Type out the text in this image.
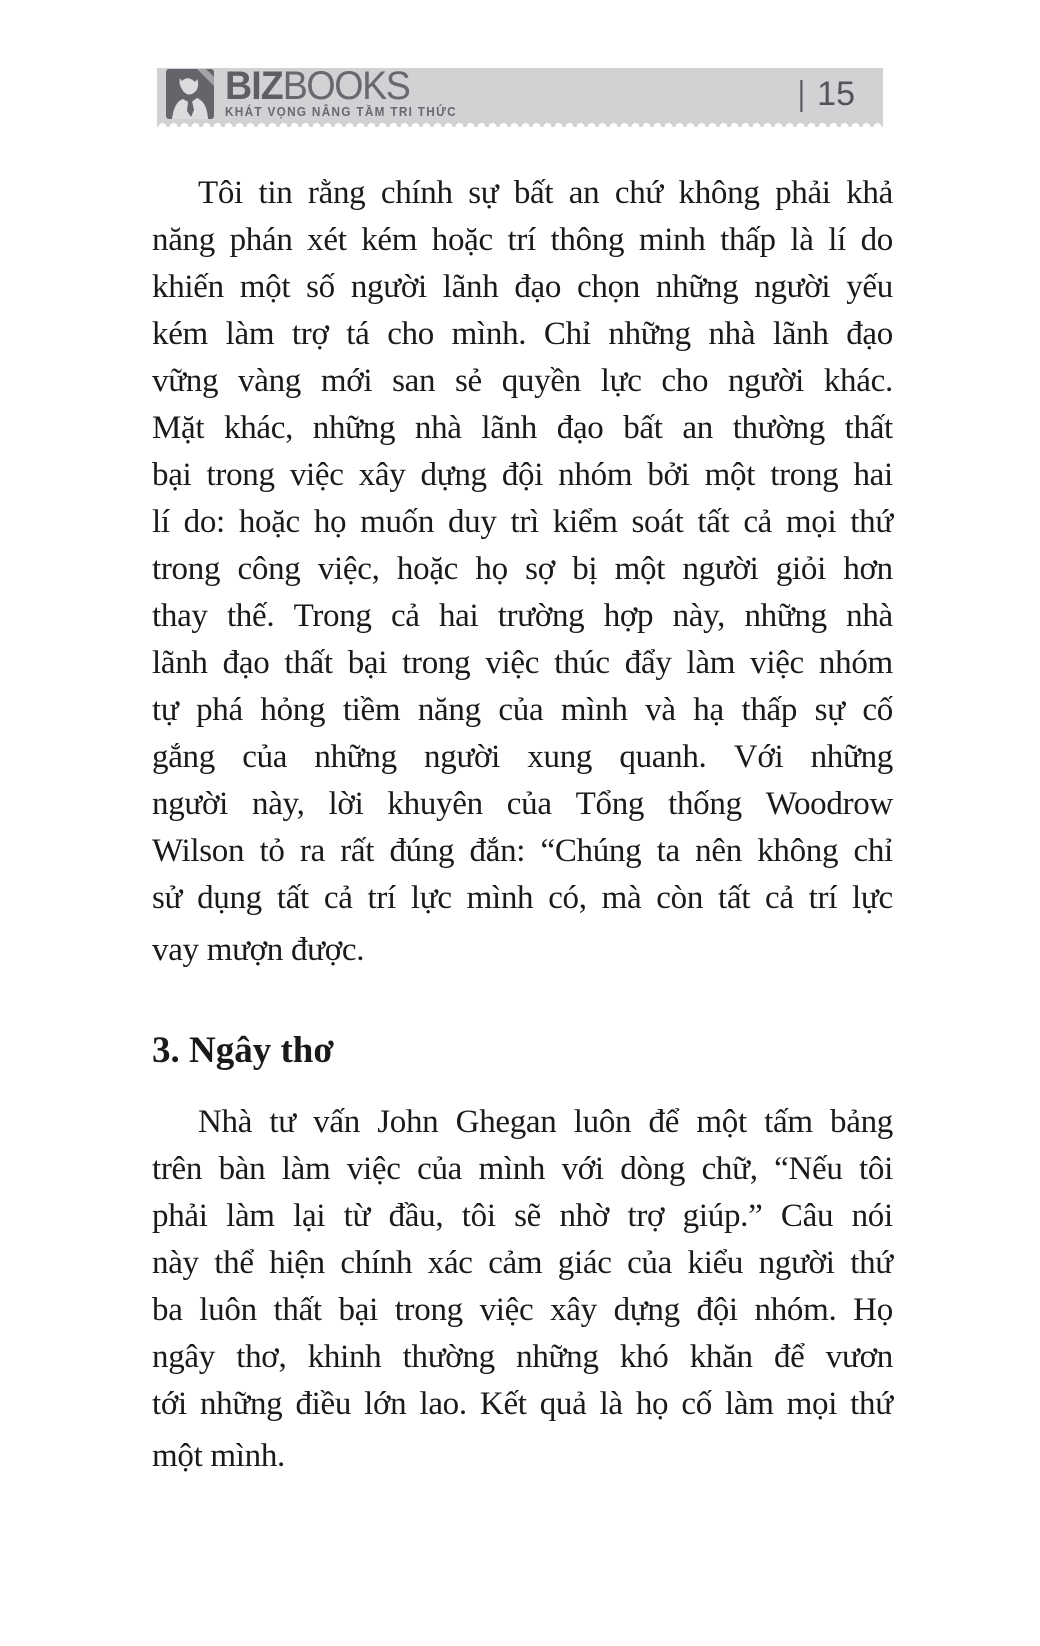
BIZBOOKS
KHÁT VỌNG NÂNG TẦM TRI THỨC	| 15
Tôi tin rằng chính sự bất an chứ không phải khả
năng phán xét kém hoặc trí thông minh thấp là lí do
khiến một số người lãnh đạo chọn những người yếu
kém làm trợ tá cho mình. Chỉ những nhà lãnh đạo
vững vàng mới san sẻ quyền lực cho người khác.
Mặt khác, những nhà lãnh đạo bất an thường thất
bại trong việc xây dựng đội nhóm bởi một trong hai
lí do: hoặc họ muốn duy trì kiểm soát tất cả mọi thứ
trong công việc, hoặc họ sợ bị một người giỏi hơn
thay thế. Trong cả hai trường hợp này, những nhà
lãnh đạo thất bại trong việc thúc đẩy làm việc nhóm
tự phá hỏng tiềm năng của mình và hạ thấp sự cố
gắng của những người xung quanh. Với những
người này, lời khuyên của Tổng thống Woodrow
Wilson tỏ ra rất đúng đắn: “Chúng ta nên không chỉ
sử dụng tất cả trí lực mình có, mà còn tất cả trí lực
vay mượn được.
3. Ngây thơ
Nhà tư vấn John Ghegan luôn để một tấm bảng
trên bàn làm việc của mình với dòng chữ, “Nếu tôi
phải làm lại từ đầu, tôi sẽ nhờ trợ giúp.” Câu nói
này thể hiện chính xác cảm giác của kiểu người thứ
ba luôn thất bại trong việc xây dựng đội nhóm. Họ
ngây thơ, khinh thường những khó khăn để vươn
tới những điều lớn lao. Kết quả là họ cố làm mọi thứ
một mình.
